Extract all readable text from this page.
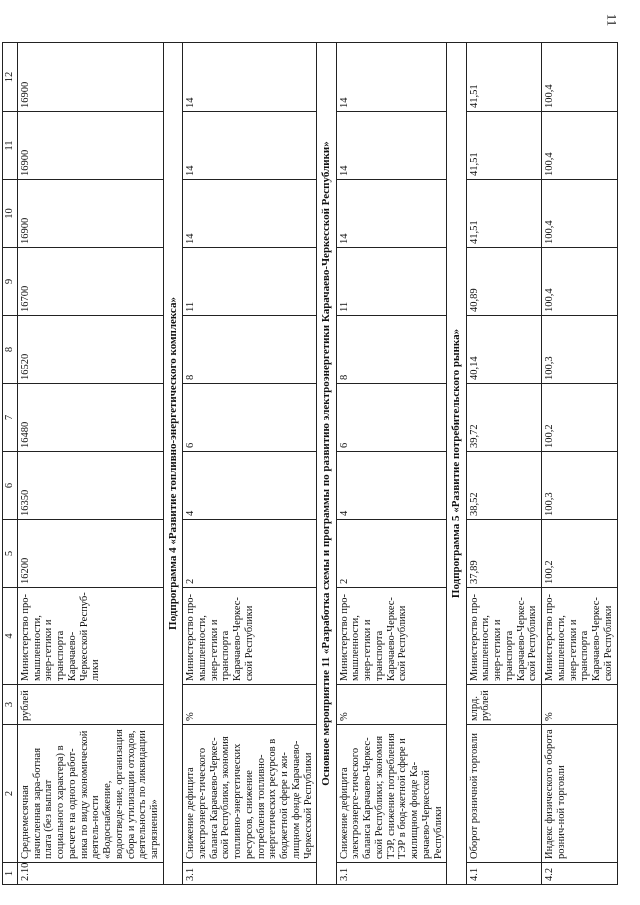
11
1	2	3	4	5	6	7	8	9	10	11	12
2.10	Среднемесячная начисленная зара-ботная плата (без выплат социального характера) в расчете на одного работ-ника по виду экономической деятель-ности «Водоснабжение, водоотведе-ние, организация сбора и утилизации отходов, деятельность по ликвидации загрязнений»	рублей	Министерство про-мышленности, энер-гетики и транспорта Карачаево-Черкесской Респуб-лики	16200	16350	16480	16520	16700	16900	16900	16900
Подпрограмма 4 «Развитие топливно-энергетического комплекса»											
3.1	Снижение дефицита электроэнерге-тического баланса Карачаево-Черкес-ской Республики, экономия топливно-энергетических ресурсов, снижение потребления топливно-энергетических ресурсов в бюджетной сфере и жи-лищном фонде Карачаево-Черкесской Республики	%	Министерство про-мышленности, энер-гетики и транспорта Карачаево-Черкес-ской Республики	2	4	6	8	11	14	14	14
Основное мероприятие 11 «Разработка схемы и программы по развитию электроэнергетики Карачаево-Черкесской Республики»											
3.1	Снижение дефицита электроэнерге-тического баланса Карачаево-Черкес-ской Республики; экономия ТЭР, снижение потребления ТЭР в бюд-жетной сфере и жилищном фонде Ка-рачаево-Черкесской Республики	%	Министерство про-мышленности, энер-гетики и транспорта Карачаево-Черкес-ской Республики	2	4	6	8	11	14	14	14
Подпрограмма 5 «Развитие потребительского рынка»											
4.1	Оборот розничной торговли	млрд. рублей	Министерство про-мышленности, энер-гетики и транспорта Карачаево-Черкес-ской Республики	37,89	38,52	39,72	40,14	40,89	41,51	41,51	41,51
4.2	Индекс физического оборота рознич-ной торговли	%	Министерство про-мышленности, энер-гетики и транспорта Карачаево-Черкес-ской Республики	100,2	100,3	100,2	100,3	100,4	100,4	100,4	100,4
